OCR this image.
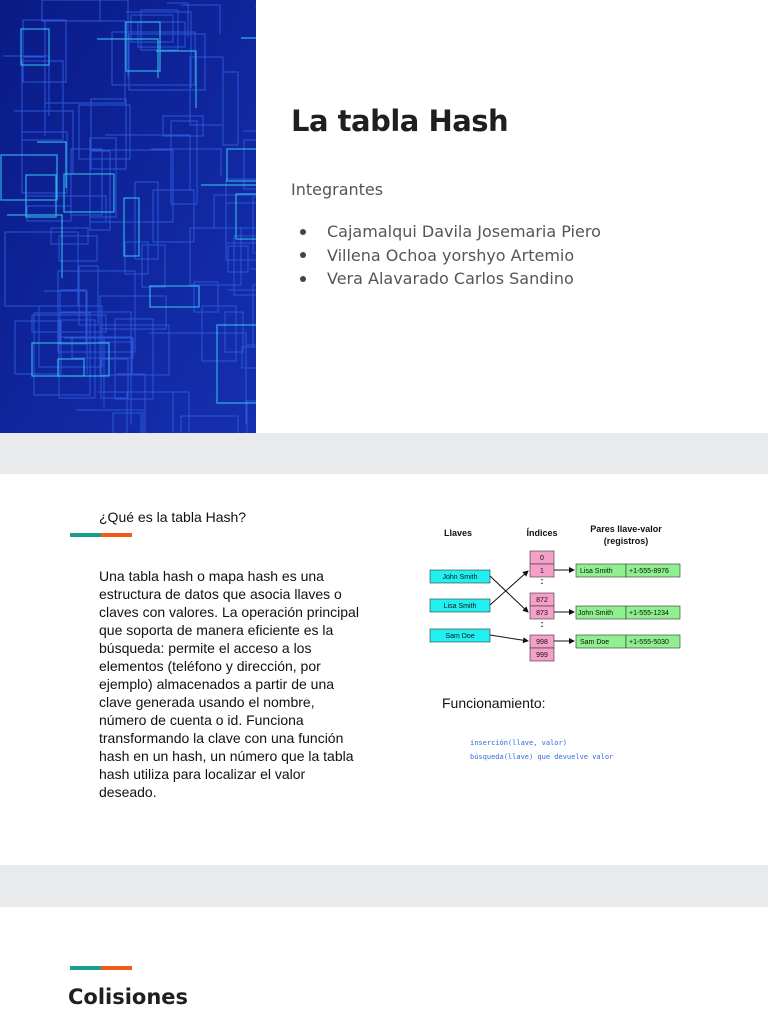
La tabla Hash
Integrantes
Cajamalqui Davila Josemaria Piero
Villena Ochoa yorshyo Artemio
Vera Alavarado Carlos Sandino
¿Qué es la tabla Hash?
Una tabla hash o mapa hash es una estructura de datos que asocia llaves o claves con valores. La operación principal que soporta de manera eficiente es la búsqueda: permite el acceso a los elementos (teléfono y dirección, por ejemplo) almacenados a partir de una clave generada usando el nombre, número de cuenta o id. Funciona transformando la clave con una función hash en un hash, un número que la tabla hash utiliza para localizar el valor deseado.
Llaves	Índices	Pares llave-valor
(registros)
John Smith
Lisa Smith
Sam Doe
0
1
:
872
873
:
998
999
Lisa Smith +1-555-8976
John Smith +1-555-1234
Sam Doe	+1-555-5030
Funcionamiento:
inserción(llave, valor)
búsqueda(llave) que devuelve valor
Colisiones
